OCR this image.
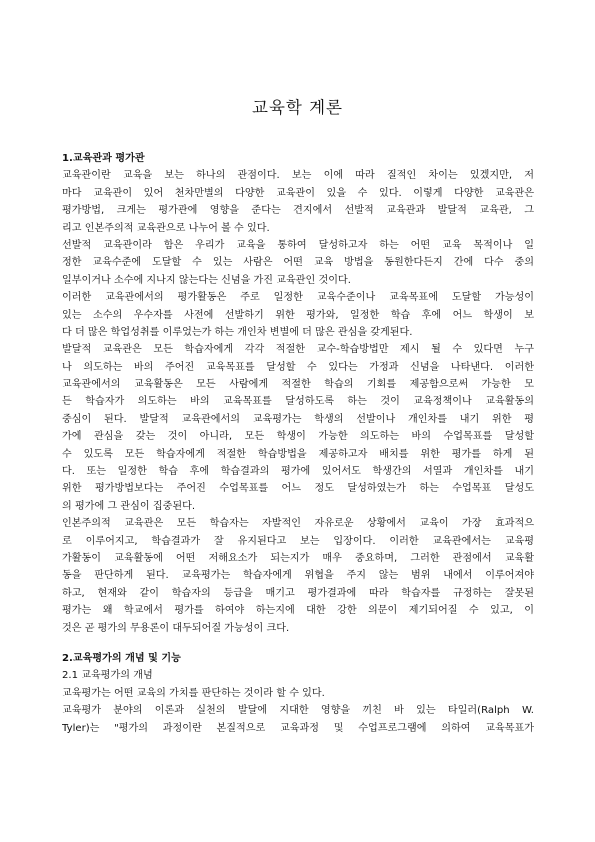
교육학 계론
1.교육관과 평가관
교육관이란 교육을 보는 하나의 관점이다. 보는 이에 따라 질적인 차이는 있겠지만, 저
마다 교육관이 있어 천차만별의 다양한 교육관이 있을 수 있다. 이렇게 다양한 교육관은
평가방법, 크게는 평가관에 영향을 준다는 견지에서 선발적 교육관과 발달적 교육관, 그
리고 인본주의적 교육관으로 나누어 볼 수 있다.
선발적 교육관이라 함은 우리가 교육을 통하여 달성하고자 하는 어떤 교육 목적이나 일
정한 교육수준에 도달할 수 있는 사람은 어떤 교육 방법을 동원한다든지 간에 다수 중의
일부이거나 소수에 지나지 않는다는 신념을 가진 교육관인 것이다.
이러한 교육관에서의 평가활동은 주로 일정한 교육수준이나 교육목표에 도달할 가능성이
있는 소수의 우수자를 사전에 선발하기 위한 평가와, 일정한 학습 후에 어느 학생이 보
다 더 많은 학업성취를 이루었는가 하는 개인차 변별에 더 많은 관심을 갖게된다.
발달적 교육관은 모든 학습자에게 각각 적절한 교수-학습방법만 제시 될 수 있다면 누구
나 의도하는 바의 주어진 교육목표를 달성할 수 있다는 가정과 신념을 나타낸다. 이러한
교육관에서의 교육활동은 모든 사람에게 적절한 학습의 기회를 제공함으로써 가능한 모
든 학습자가 의도하는 바의 교육목표를 달성하도록 하는 것이 교육정책이나 교육활동의
중심이 된다. 발달적 교육관에서의 교육평가는 학생의 선발이나 개인차를 내기 위한 평
가에 관심을 갖는 것이 아니라, 모든 학생이 가능한 의도하는 바의 수업목표를 달성할
수 있도록 모든 학습자에게 적절한 학습방법을 제공하고자 배치를 위한 평가를 하게 된
다. 또는 일정한 학습 후에 학습결과의 평가에 있어서도 학생간의 서열과 개인차를 내기
위한 평가방법보다는 주어진 수업목표를 어느 정도 달성하였는가 하는 수업목표 달성도
의 평가에 그 관심이 집중된다.
인본주의적 교육관은 모든 학습자는 자발적인 자유로운 상황에서 교육이 가장 효과적으
로 이루어지고, 학습결과가 잘 유지된다고 보는 입장이다. 이러한 교육관에서는 교육평
가활동이 교육활동에 어떤 저해요소가 되는지가 매우 중요하며, 그러한 관점에서 교육활
동을 판단하게 된다. 교육평가는 학습자에게 위협을 주지 않는 범위 내에서 이루어져야
하고, 현재와 같이 학습자의 등급을 매기고 평가결과에 따라 학습자를 규정하는 잘못된
평가는 왜 학교에서 평가를 하여야 하는지에 대한 강한 의문이 제기되어질 수 있고, 이
것은 곧 평가의 무용론이 대두되어질 가능성이 크다.
2.교육평가의 개념 및 기능
2.1 교육평가의 개념
교육평가는 어떤 교육의 가치를 판단하는 것이라 할 수 있다.
교육평가 분야의 이론과 실천의 발달에 지대한 영향을 끼친 바 있는 타일러(Ralph W.
Tyler)는 "평가의 과정이란 본질적으로 교육과정 및 수업프로그램에 의하여 교육목표가
